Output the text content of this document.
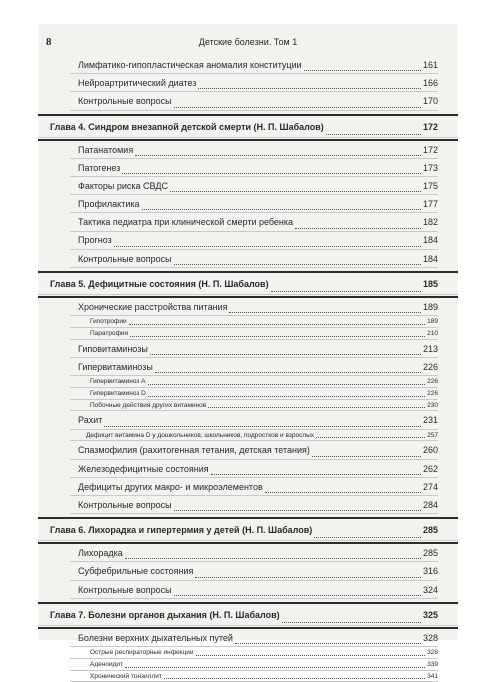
8	Детские болезни. Том 1
Лимфатико-гипопластическая аномалия конституции	161
Нейроартритический диатез	166
Контрольные вопросы	170
Глава 4. Синдром внезапной детской смерти (Н. П. Шабалов)	172
Патанатомия	172
Патогенез	173
Факторы риска СВДС	175
Профилактика	177
Тактика педиатра при клинической смерти ребенка	182
Прогноз	184
Контрольные вопросы	184
Глава 5. Дефицитные состояния (Н. П. Шабалов)	185
Хронические расстройства питания	189
Гипотрофии	189
Паратрофия	210
Гиповитаминозы	213
Гипервитаминозы	226
Гипервитаминоз A	226
Гипервитаминоз D	226
Побочные действия других витаминов	230
Рахит	231
Дефицит витамина D у дошкольников, школьников, подростков и взрослых	257
Спазмофилия (рахитогенная тетания, детская тетания)	260
Железодефицитные состояния	262
Дефициты других макро- и микроэлементов	274
Контрольные вопросы	284
Глава 6. Лихорадка и гипертермия у детей (Н. П. Шабалов)	285
Лихорадка	285
Субфебрильные состояния	316
Контрольные вопросы	324
Глава 7. Болезни органов дыхания (Н. П. Шабалов)	325
Болезни верхних дыхательных путей	328
Острые респираторные инфекции	328
Аденоидит	339
Хронический тонзиллит	341
